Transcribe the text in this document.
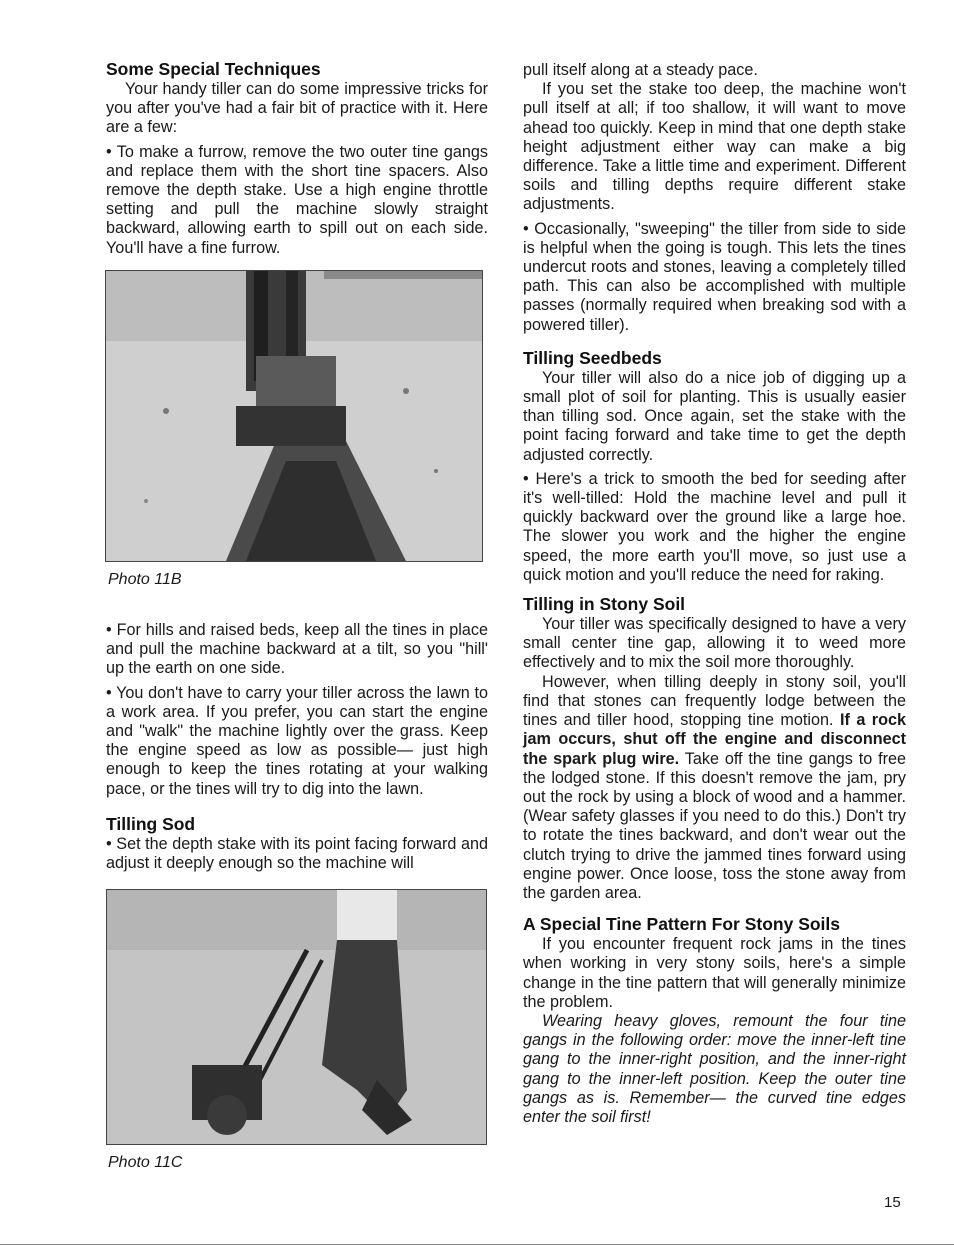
Some Special Techniques

Your handy tiller can do some impressive tricks for you after you've had a fair bit of practice with it. Here are a few:

• To make a furrow, remove the two outer tine gangs and replace them with the short tine spacers. Also remove the depth stake. Use a high engine throttle setting and pull the machine slowly straight backward, allowing earth to spill out on each side. You'll have a fine furrow.

Photo 11B

• For hills and raised beds, keep all the tines in place and pull the machine backward at a tilt, so you "hill' up the earth on one side.

• You don't have to carry your tiller across the lawn to a work area. If you prefer, you can start the engine and "walk" the machine lightly over the grass. Keep the engine speed as low as possible— just high enough to keep the tines rotating at your walking pace, or the tines will try to dig into the lawn.

Tilling Sod

• Set the depth stake with its point facing forward and adjust it deeply enough so the machine will

Photo 11C

pull itself along at a steady pace.

If you set the stake too deep, the machine won't pull itself at all; if too shallow, it will want to move ahead too quickly. Keep in mind that one depth stake height adjustment either way can make a big difference. Take a little time and experiment. Different soils and tilling depths require different stake adjustments.

• Occasionally, "sweeping" the tiller from side to side is helpful when the going is tough. This lets the tines undercut roots and stones, leaving a completely tilled path. This can also be accomplished with multiple passes (normally required when breaking sod with a powered tiller).

Tilling Seedbeds

Your tiller will also do a nice job of digging up a small plot of soil for planting. This is usually easier than tilling sod. Once again, set the stake with the point facing forward and take time to get the depth adjusted correctly.

• Here's a trick to smooth the bed for seeding after it's well-tilled: Hold the machine level and pull it quickly backward over the ground like a large hoe. The slower you work and the higher the engine speed, the more earth you'll move, so just use a quick motion and you'll reduce the need for raking.

Tilling in Stony Soil

Your tiller was specifically designed to have a very small center tine gap, allowing it to weed more effectively and to mix the soil more thoroughly.

However, when tilling deeply in stony soil, you'll find that stones can frequently lodge between the tines and tiller hood, stopping tine motion. If a rock jam occurs, shut off the engine and disconnect the spark plug wire. Take off the tine gangs to free the lodged stone. If this doesn't remove the jam, pry out the rock by using a block of wood and a hammer. (Wear safety glasses if you need to do this.) Don't try to rotate the tines backward, and don't wear out the clutch trying to drive the jammed tines forward using engine power. Once loose, toss the stone away from the garden area.

A Special Tine Pattern For Stony Soils

If you encounter frequent rock jams in the tines when working in very stony soils, here's a simple change in the tine pattern that will generally minimize the problem.

Wearing heavy gloves, remount the four tine gangs in the following order: move the inner-left tine gang to the inner-right position, and the inner-right gang to the inner-left position. Keep the outer tine gangs as is. Remember— the curved tine edges enter the soil first!

15
